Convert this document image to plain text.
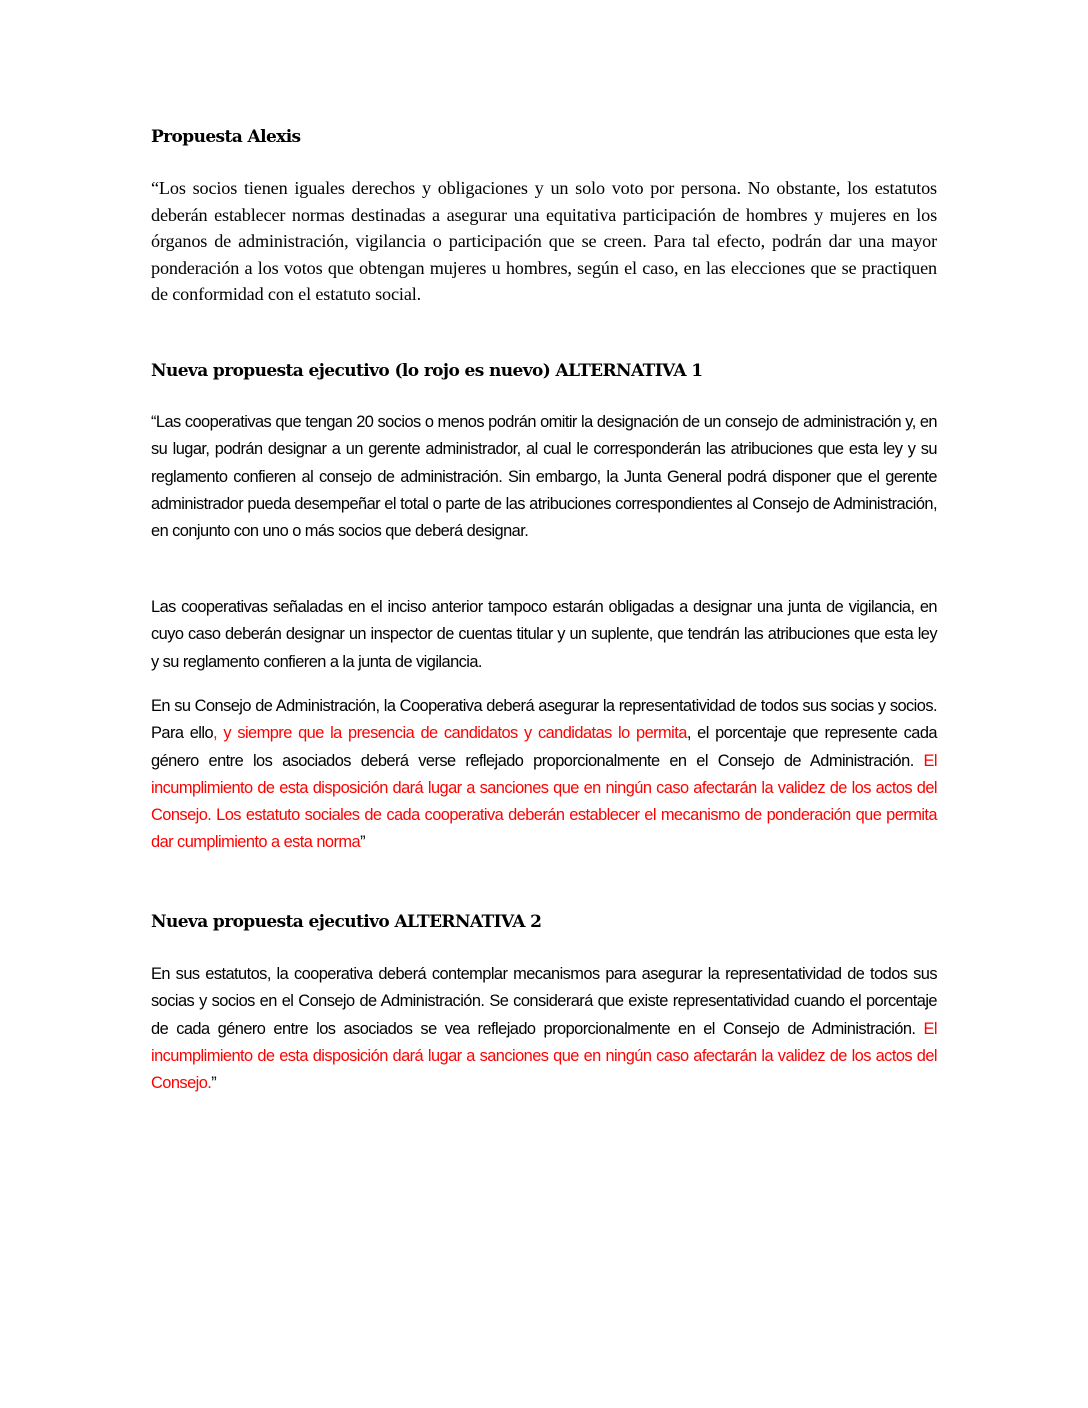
Propuesta Alexis

“Los socios tienen iguales derechos y obligaciones y un solo voto por persona. No obstante, los estatutos deberán establecer normas destinadas a asegurar una equitativa participación de hombres y mujeres en los órganos de administración, vigilancia o participación que se creen. Para tal efecto, podrán dar una mayor ponderación a los votos que obtengan mujeres u hombres, según el caso, en las elecciones que se practiquen de conformidad con el estatuto social.

Nueva propuesta ejecutivo (lo rojo es nuevo) ALTERNATIVA 1

“Las cooperativas que tengan 20 socios o menos podrán omitir la designación de un consejo de administración y, en su lugar, podrán designar a un gerente administrador, al cual le corresponderán las atribuciones que esta ley y su reglamento confieren al consejo de administración. Sin embargo, la Junta General podrá disponer que el gerente administrador pueda desempeñar el total o parte de las atribuciones correspondientes al Consejo de Administración, en conjunto con uno o más socios que deberá designar.

Las cooperativas señaladas en el inciso anterior tampoco estarán obligadas a designar una junta de vigilancia, en cuyo caso deberán designar un inspector de cuentas titular y un suplente, que tendrán las atribuciones que esta ley y su reglamento confieren a la junta de vigilancia.

En su Consejo de Administración, la Cooperativa deberá asegurar la representatividad de todos sus socias y socios. Para ello, y siempre que la presencia de candidatos y candidatas lo permita, el porcentaje que represente cada género entre los asociados deberá verse reflejado proporcionalmente en el Consejo de Administración. El incumplimiento de esta disposición dará lugar a sanciones que en ningún caso afectarán la validez de los actos del Consejo. Los estatuto sociales de cada cooperativa deberán establecer el mecanismo de ponderación que permita dar cumplimiento a esta norma”

Nueva propuesta ejecutivo ALTERNATIVA 2

En sus estatutos, la cooperativa deberá contemplar mecanismos para asegurar la representatividad de todos sus socias y socios en el Consejo de Administración. Se considerará que existe representatividad cuando el porcentaje de cada género entre los asociados se vea reflejado proporcionalmente en el Consejo de Administración. El incumplimiento de esta disposición dará lugar a sanciones que en ningún caso afectarán la validez de los actos del Consejo.”
